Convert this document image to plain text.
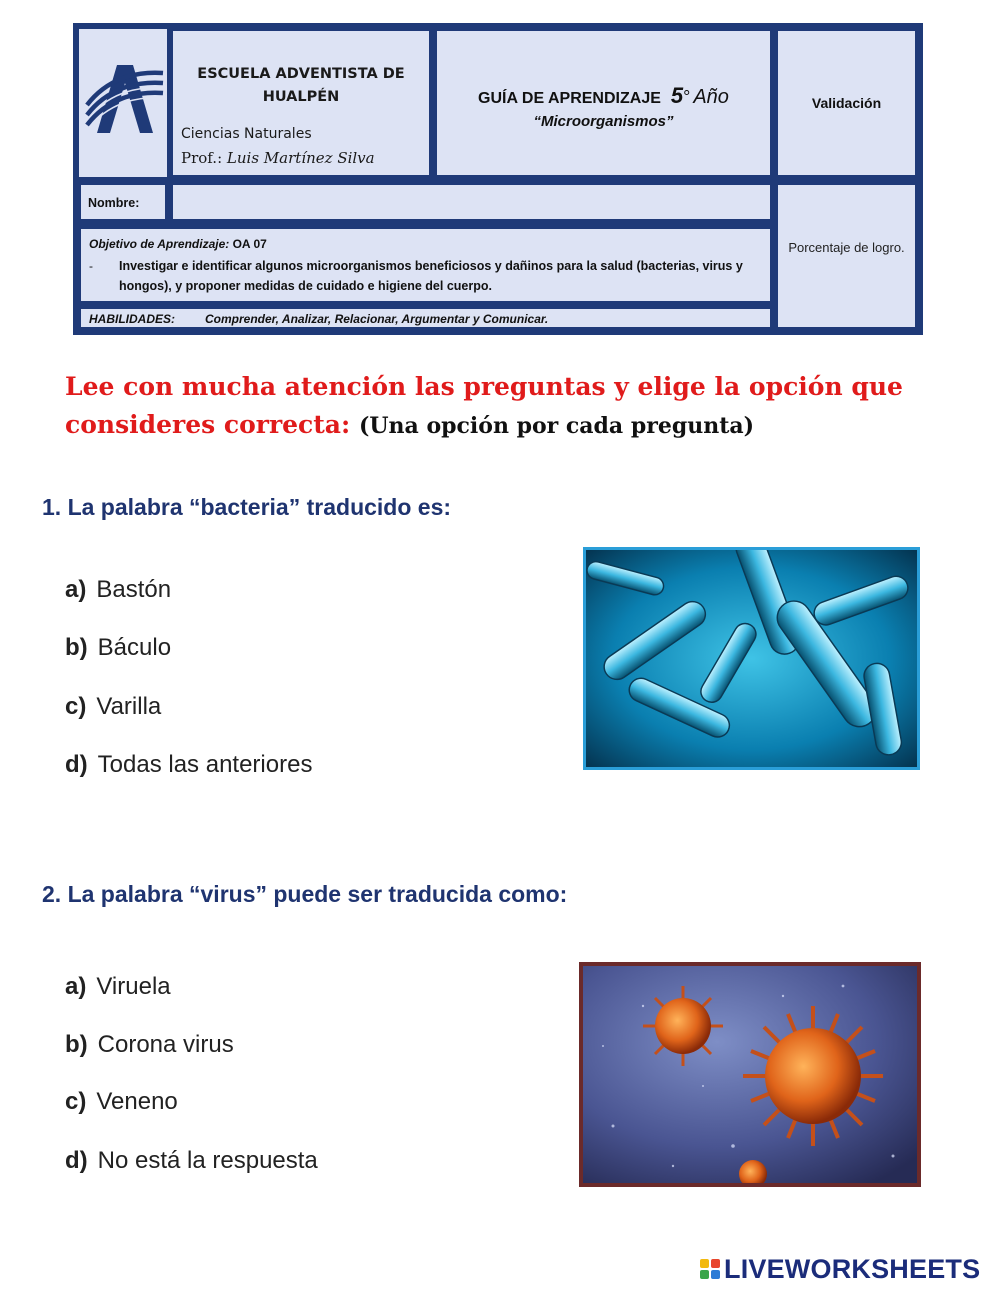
ESCUELA ADVENTISTA DE
HUALPÉN
Ciencias Naturales
Prof.: Luis Martínez Silva
GUÍA DE APRENDIZAJE 5° Año
“Microorganismos”
Validación
Nombre:
Objetivo de Aprendizaje: OA 07
- Investigar e identificar algunos microorganismos beneficiosos y dañinos para la salud (bacterias, virus y hongos), y proponer medidas de cuidado e higiene del cuerpo.
HABILIDADES:	Comprender, Analizar, Relacionar, Argumentar y Comunicar.
Porcentaje de logro.
Lee con mucha atención las preguntas y elige la opción que consideres correcta: (Una opción por cada pregunta)
1. La palabra “bacteria” traducido es:
a) Bastón
b) Báculo
c) Varilla
d) Todas las anteriores
2. La palabra “virus” puede ser traducida como:
a) Viruela
b) Corona virus
c) Veneno
d) No está la respuesta
LIVEWORKSHEETS
